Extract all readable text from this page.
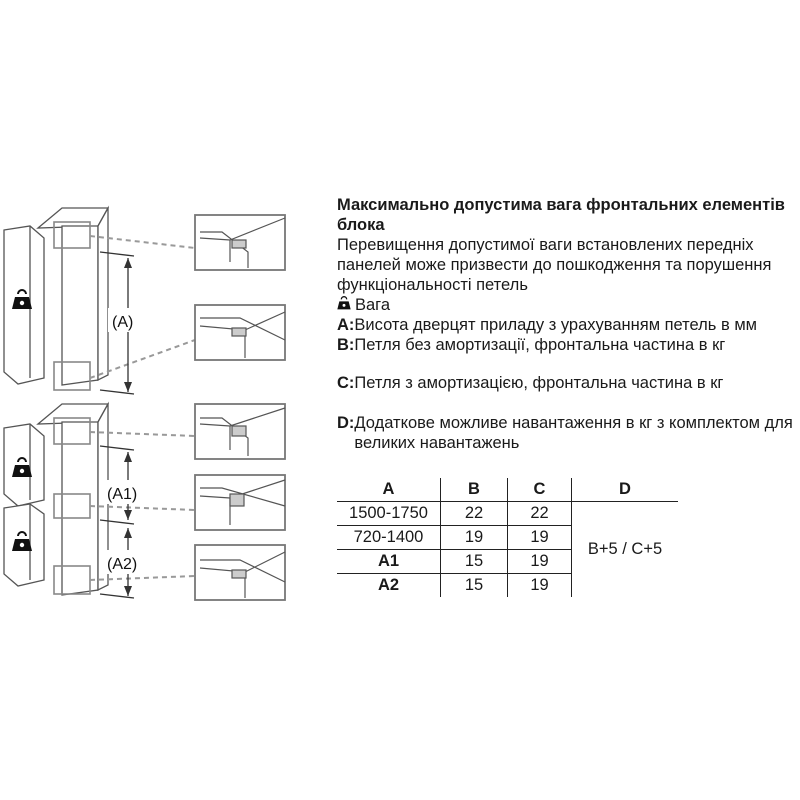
(A)
(A1)
(A2)

Максимально допустима вага фронтальних елементів блока

Перевищення допустимої ваги встановлених передніх панелей може призвести до пошкодження та порушення функціональності петель

Вага
A: Висота дверцят приладу з урахуванням петель в мм
B: Петля без амортизації, фронтальна частина в кг
C: Петля з амортизацією, фронтальна частина в кг
D: Додаткове можливе навантаження в кг з комплектом для великих навантажень
A	B	C	D
1500-1750	22	22	B+5 / C+5
720-1400	19	19	
A1	15	19	
A2	15	19	
